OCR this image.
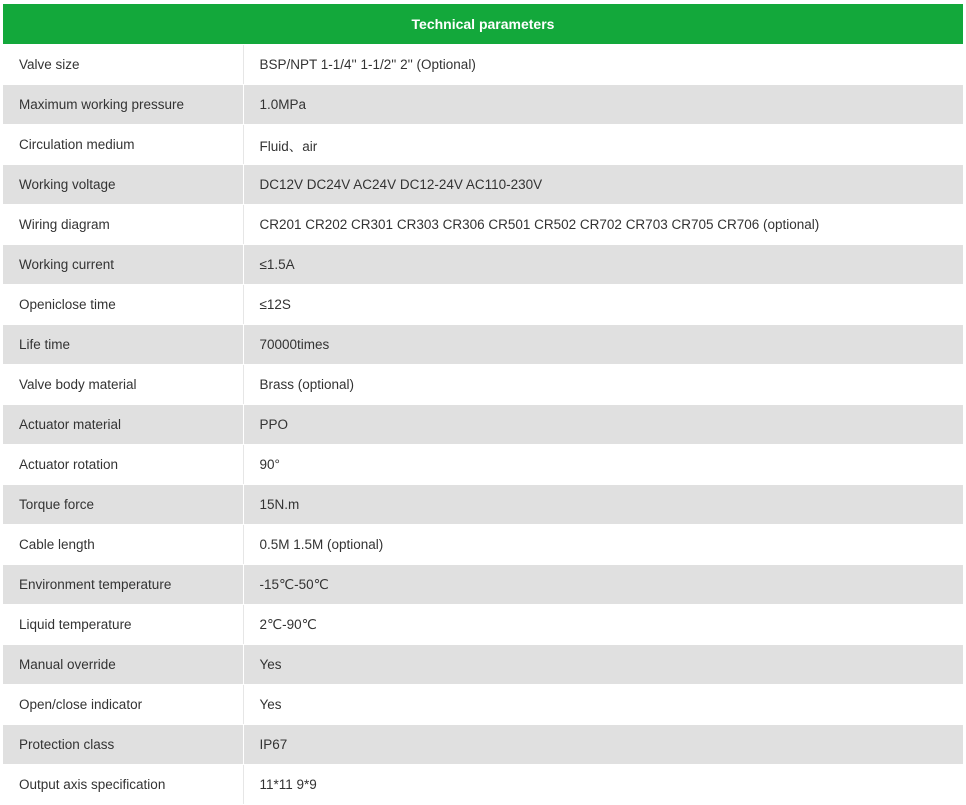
Technical parameters	
Valve size	BSP/NPT 1-1/4'' 1-1/2'' 2'' (Optional)
Maximum working pressure	1.0MPa
Circulation medium	Fluid、air
Working voltage	DC12V DC24V AC24V DC12-24V AC110-230V
Wiring diagram	CR201 CR202 CR301 CR303 CR306 CR501 CR502 CR702 CR703 CR705 CR706 (optional)
Working current	≤1.5A
Openiclose time	≤12S
Life time	70000times
Valve body material	Brass (optional)
Actuator material	PPO
Actuator rotation	90°
Torque force	15N.m
Cable length	0.5M 1.5M (optional)
Environment temperature	-15℃-50℃
Liquid temperature	2℃-90℃
Manual override	Yes
Open/close indicator	Yes
Protection class	IP67
Output axis specification	11*11 9*9
